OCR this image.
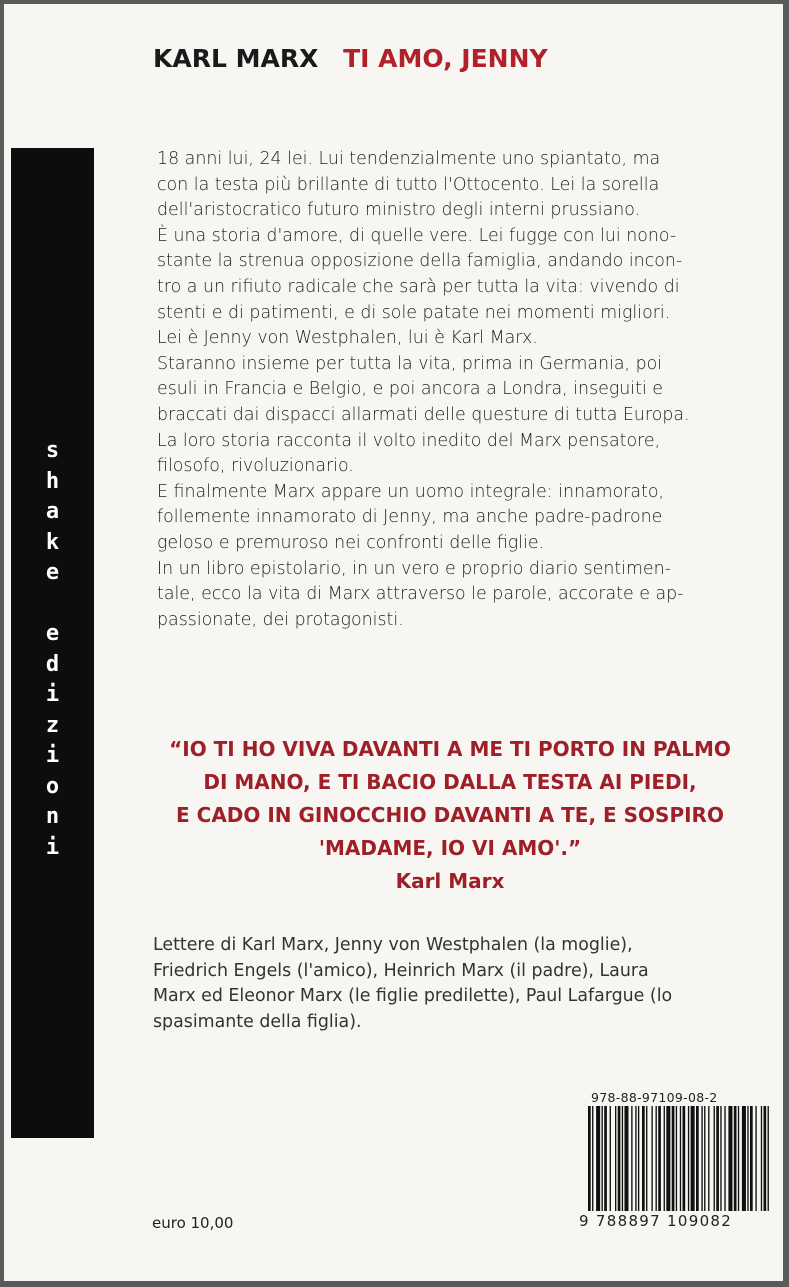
s
h
a
k
e
e
d
i
z
i
o
n
i
KARL MARX TI AMO, JENNY

18 anni lui, 24 lei. Lui tendenzialmente uno spiantato, ma

con la testa più brillante di tutto l'Ottocento. Lei la sorella

dell'aristocratico futuro ministro degli interni prussiano.

È una storia d'amore, di quelle vere. Lei fugge con lui nono-

stante la strenua opposizione della famiglia, andando incon-

tro a un rifiuto radicale che sarà per tutta la vita: vivendo di

stenti e di patimenti, e di sole patate nei momenti migliori.

Lei è Jenny von Westphalen, lui è Karl Marx.

Staranno insieme per tutta la vita, prima in Germania, poi

esuli in Francia e Belgio, e poi ancora a Londra, inseguiti e

braccati dai dispacci allarmati delle questure di tutta Europa.

La loro storia racconta il volto inedito del Marx pensatore,

filosofo, rivoluzionario.

E finalmente Marx appare un uomo integrale: innamorato,

follemente innamorato di Jenny, ma anche padre-padrone

geloso e premuroso nei confronti delle figlie.

In un libro epistolario, in un vero e proprio diario sentimen-

tale, ecco la vita di Marx attraverso le parole, accorate e ap-

passionate, dei protagonisti.

“IO TI HO VIVA DAVANTI A ME TI PORTO IN PALMO

DI MANO, E TI BACIO DALLA TESTA AI PIEDI,

E CADO IN GINOCCHIO DAVANTI A TE, E SOSPIRO

'MADAME, IO VI AMO'.”

Karl Marx

Lettere di Karl Marx, Jenny von Westphalen (la moglie),

Friedrich Engels (l'amico), Heinrich Marx (il padre), Laura

Marx ed Eleonor Marx (le figlie predilette), Paul Lafargue (lo

spasimante della figlia).

978-88-97109-08-2
9 788897 109082
euro 10,00
